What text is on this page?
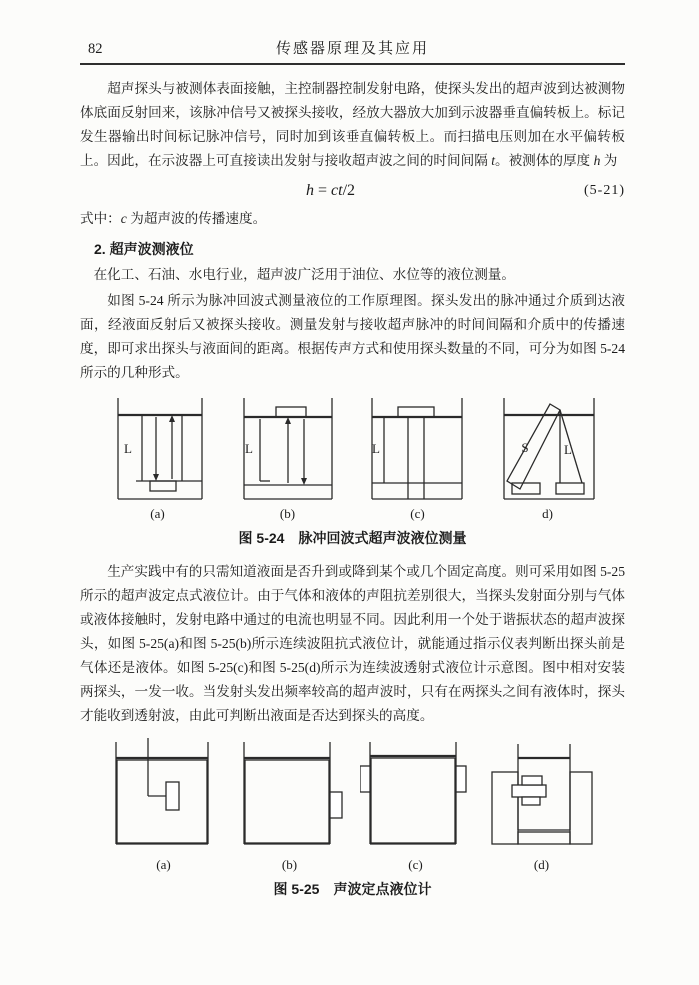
82	传感器原理及其应用

超声探头与被测体表面接触，主控制器控制发射电路，使探头发出的超声波到达被测物体底面反射回来，该脉冲信号又被探头接收，经放大器放大加到示波器垂直偏转板上。标记发生器输出时间标记脉冲信号，同时加到该垂直偏转板上。而扫描电压则加在水平偏转板上。因此，在示波器上可直接读出发射与接收超声波之间的时间间隔 t。被测体的厚度 h 为

h = ct/2	(5-21)

式中：c 为超声波的传播速度。

2. 超声波测液位

在化工、石油、水电行业，超声波广泛用于油位、水位等的液位测量。

如图 5-24 所示为脉冲回波式测量液位的工作原理图。探头发出的脉冲通过介质到达液面，经液面反射后又被探头接收。测量发射与接收超声脉冲的时间间隔和介质中的传播速度，即可求出探头与液面间的距离。根据传声方式和使用探头数量的不同，可分为如图 5-24 所示的几种形式。

L
(a)
L
(b)
L
(c)
S	L
d)
图 5-24 脉冲回波式超声波液位测量

生产实践中有的只需知道液面是否升到或降到某个或几个固定高度。则可采用如图 5-25 所示的超声波定点式液位计。由于气体和液体的声阻抗差别很大，当探头发射面分别与气体或液体接触时，发射电路中通过的电流也明显不同。因此利用一个处于谐振状态的超声波探头，如图 5-25(a)和图 5-25(b)所示连续波阻抗式液位计，就能通过指示仪表判断出探头前是气体还是液体。如图 5-25(c)和图 5-25(d)所示为连续波透射式液位计示意图。图中相对安装两探头，一发一收。当发射头发出频率较高的超声波时，只有在两探头之间有液体时，探头才能收到透射波，由此可判断出液面是否达到探头的高度。

(a)	(b)	(c)	(d)
图 5-25 声波定点液位计
